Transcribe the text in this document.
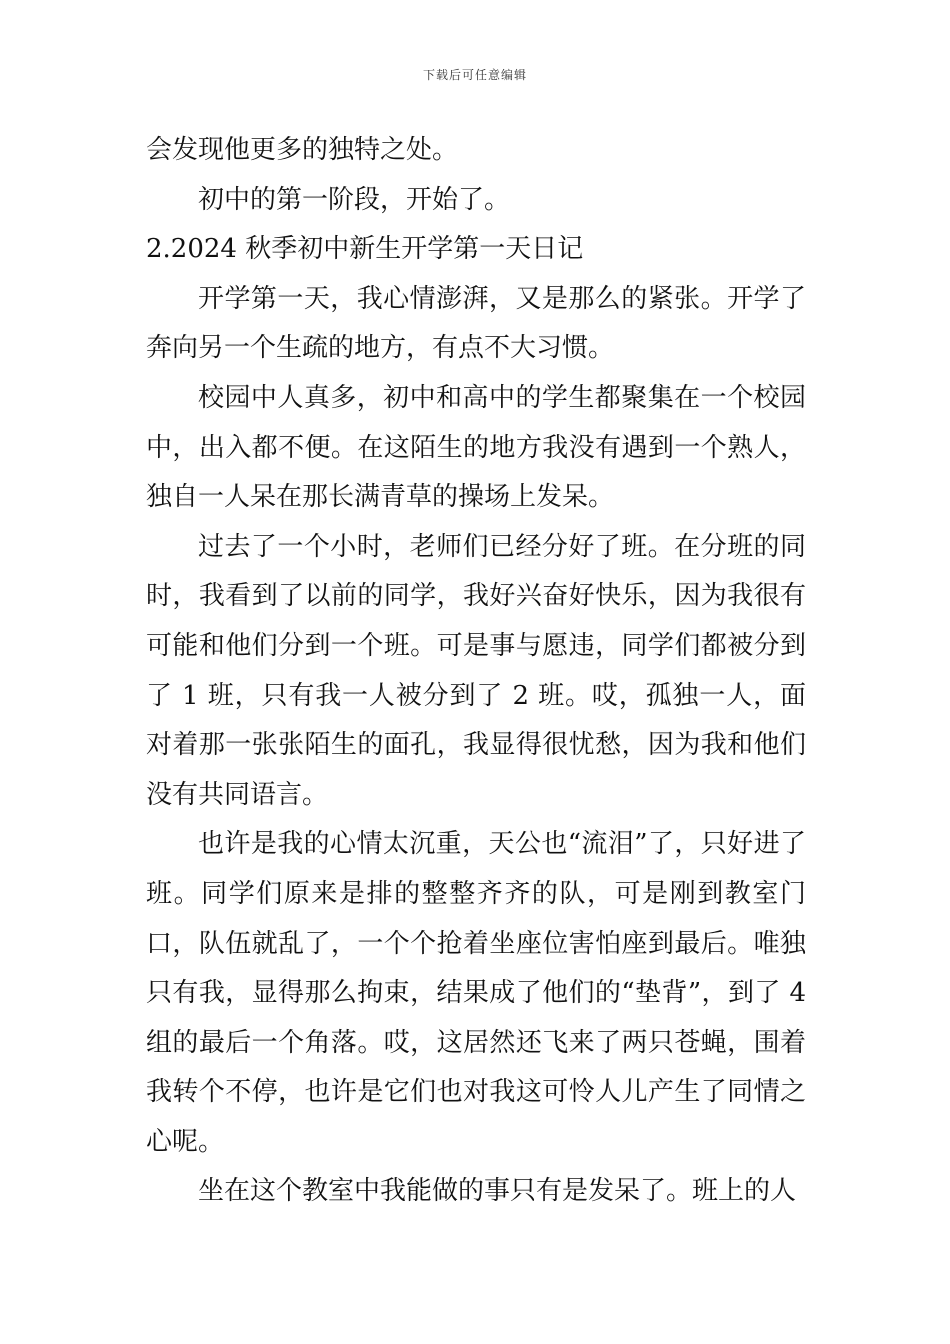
下载后可任意编辑

会发现他更多的独特之处。

初中的第一阶段，开始了。

2.2024 秋季初中新生开学第一天日记

开学第一天，我心情澎湃，又是那么的紧张。开学了奔向另一个生疏的地方，有点不大习惯。

校园中人真多，初中和高中的学生都聚集在一个校园中，出入都不便。在这陌生的地方我没有遇到一个熟人，独自一人呆在那长满青草的操场上发呆。

过去了一个小时，老师们已经分好了班。在分班的同时，我看到了以前的同学，我好兴奋好快乐，因为我很有可能和他们分到一个班。可是事与愿违，同学们都被分到了 1 班，只有我一人被分到了 2 班。哎，孤独一人，面对着那一张张陌生的面孔，我显得很忧愁，因为我和他们没有共同语言。

也许是我的心情太沉重，天公也“流泪”了，只好进了班。同学们原来是排的整整齐齐的队，可是刚到教室门口，队伍就乱了，一个个抢着坐座位害怕座到最后。唯独只有我，显得那么拘束，结果成了他们的“垫背”，到了 4 组的最后一个角落。哎，这居然还飞来了两只苍蝇，围着我转个不停，也许是它们也对我这可怜人儿产生了同情之心呢。

坐在这个教室中我能做的事只有是发呆了。班上的人
